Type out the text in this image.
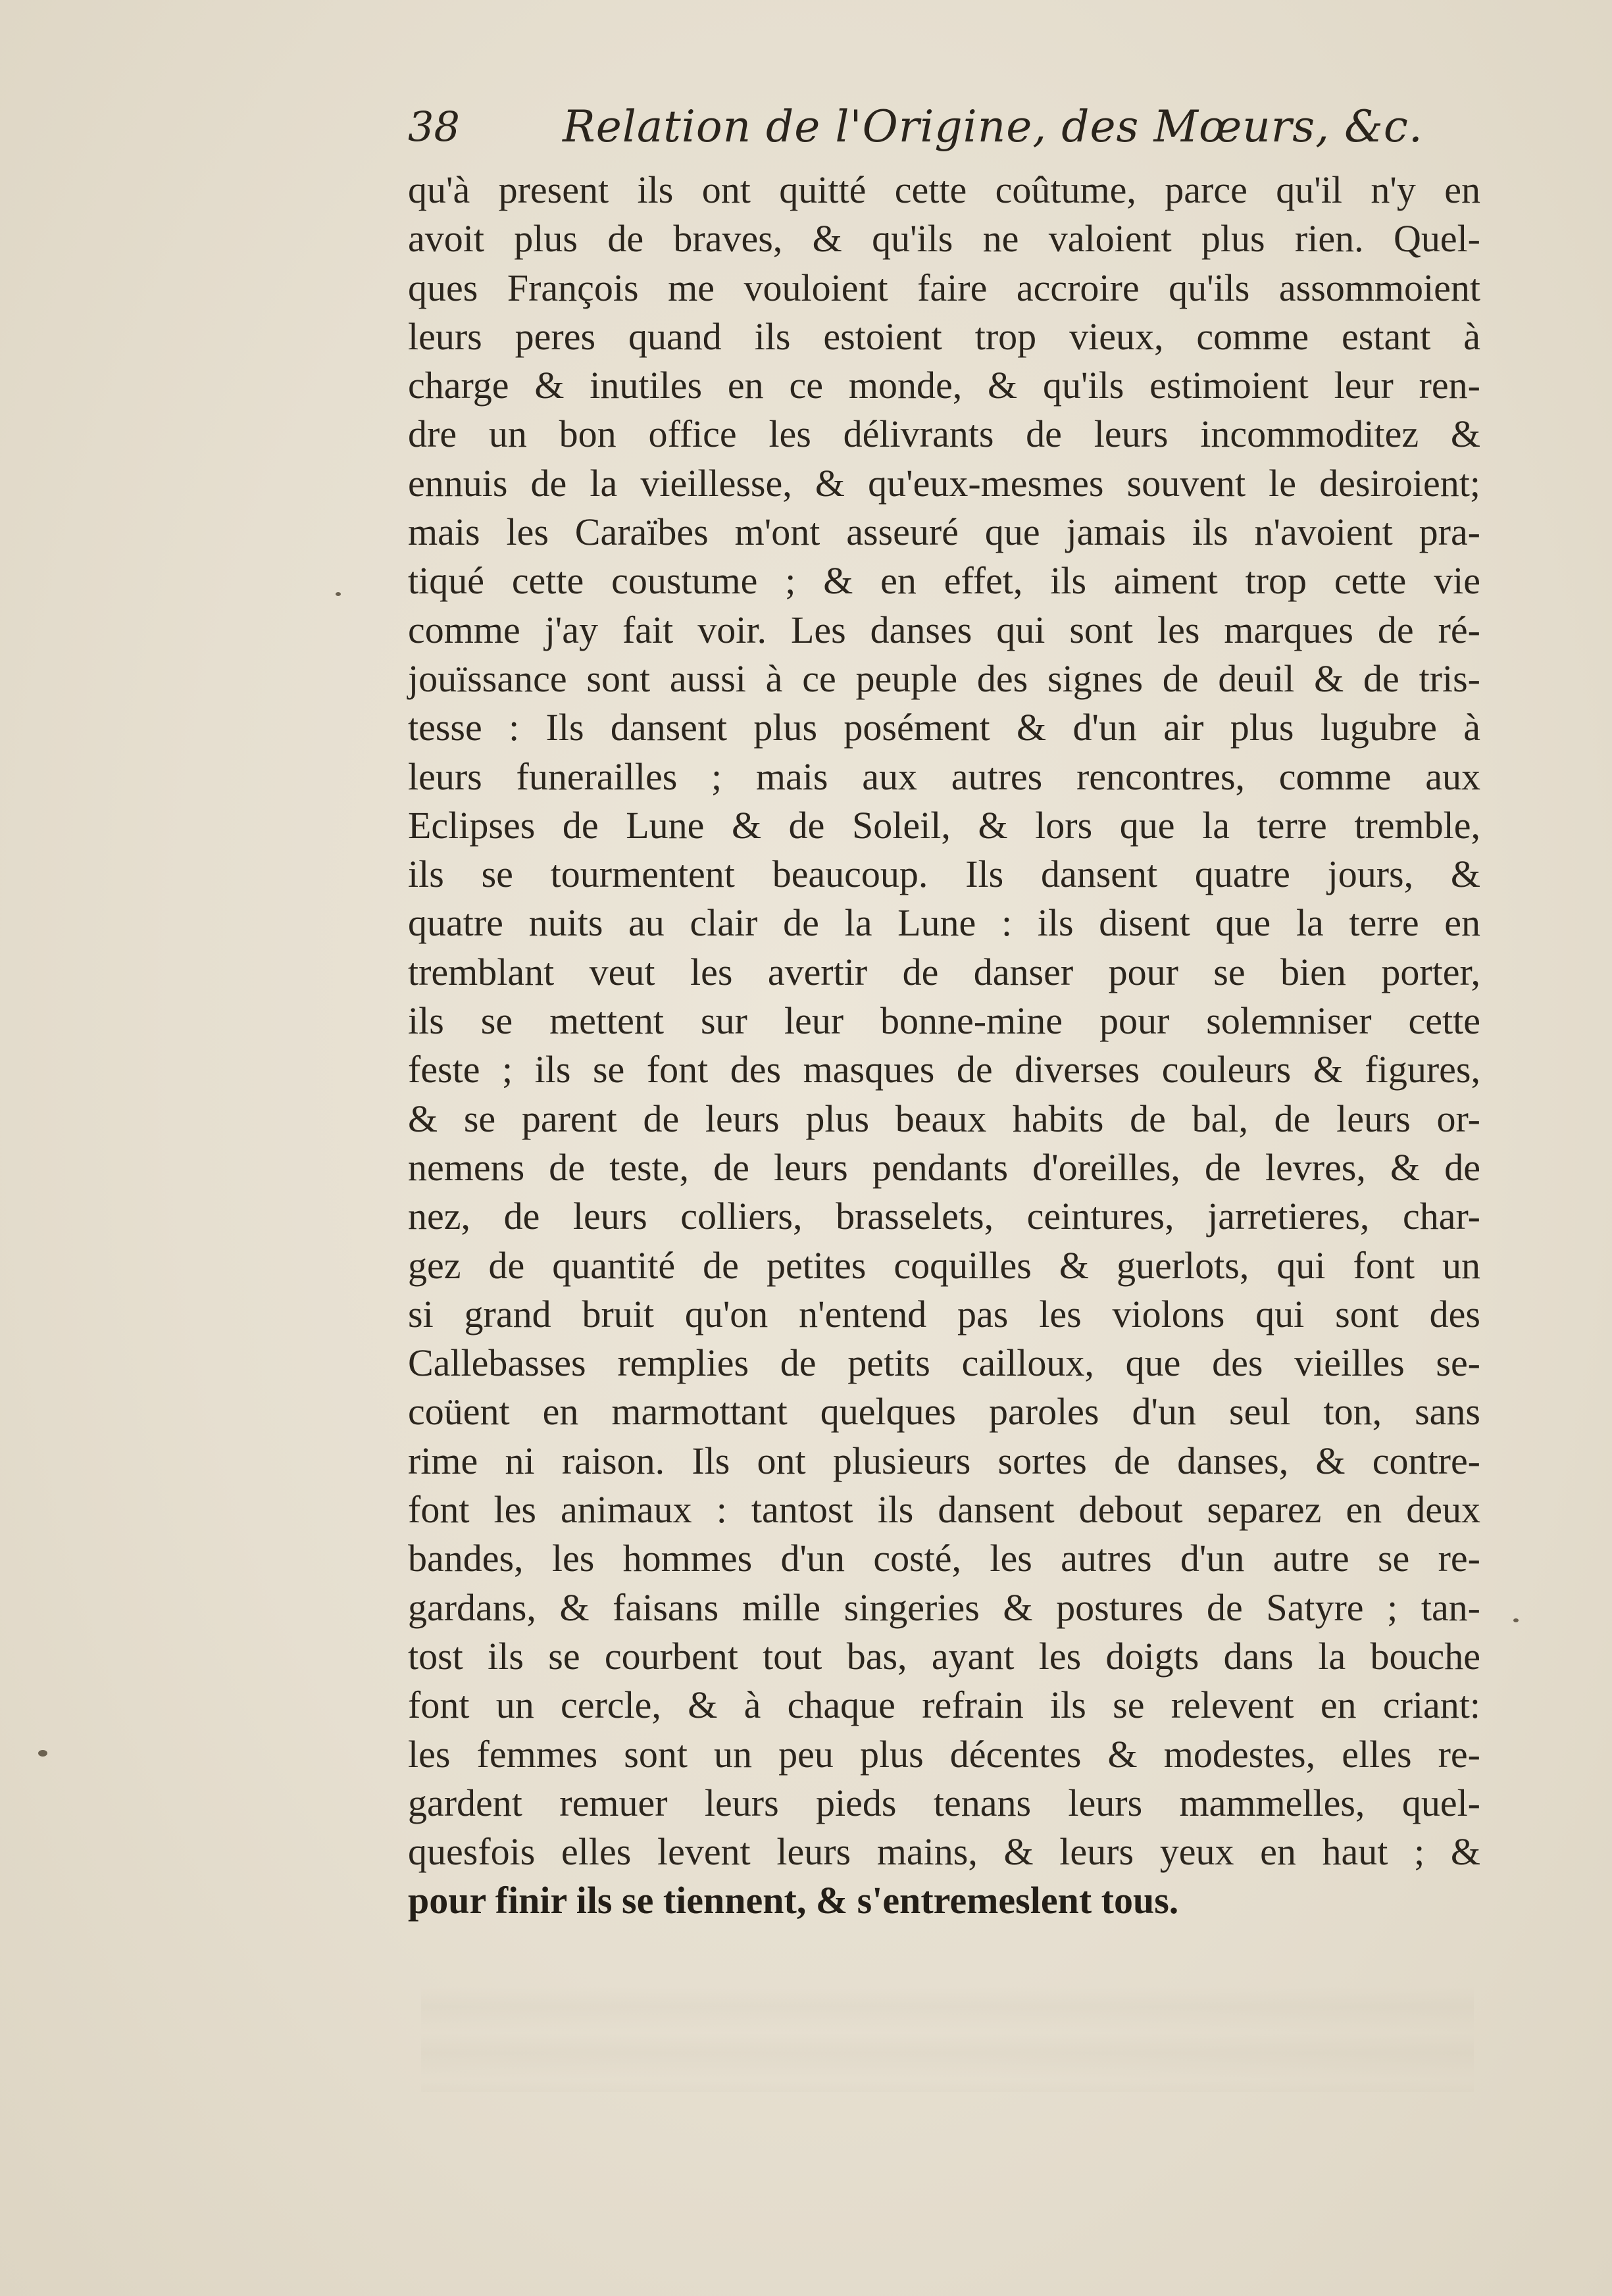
38 Relation de l'Origine, des Mœurs, &c.
qu'à present ils ont quitté cette coûtume, parce qu'il n'y en
avoit plus de braves, & qu'ils ne valoient plus rien. Quel-
ques François me vouloient faire accroire qu'ils assommoient
leurs peres quand ils estoient trop vieux, comme estant à
charge & inutiles en ce monde, & qu'ils estimoient leur ren-
dre un bon office les délivrants de leurs incommoditez &
ennuis de la vieillesse, & qu'eux-mesmes souvent le desiroient;
mais les Caraïbes m'ont asseuré que jamais ils n'avoient pra-
tiqué cette coustume ; & en effet, ils aiment trop cette vie
comme j'ay fait voir. Les danses qui sont les marques de ré-
jouïssance sont aussi à ce peuple des signes de deuil & de tris-
tesse : Ils dansent plus posément & d'un air plus lugubre à
leurs funerailles ; mais aux autres rencontres, comme aux
Eclipses de Lune & de Soleil, & lors que la terre tremble,
ils se tourmentent beaucoup. Ils dansent quatre jours, &
quatre nuits au clair de la Lune : ils disent que la terre en
tremblant veut les avertir de danser pour se bien porter,
ils se mettent sur leur bonne-mine pour solemniser cette
feste ; ils se font des masques de diverses couleurs & figures,
& se parent de leurs plus beaux habits de bal, de leurs or-
nemens de teste, de leurs pendants d'oreilles, de levres, & de
nez, de leurs colliers, brasselets, ceintures, jarretieres, char-
gez de quantité de petites coquilles & guerlots, qui font un
si grand bruit qu'on n'entend pas les violons qui sont des
Callebasses remplies de petits cailloux, que des vieilles se-
coüent en marmottant quelques paroles d'un seul ton, sans
rime ni raison. Ils ont plusieurs sortes de danses, & contre-
font les animaux : tantost ils dansent debout separez en deux
bandes, les hommes d'un costé, les autres d'un autre se re-
gardans, & faisans mille singeries & postures de Satyre ; tan-
tost ils se courbent tout bas, ayant les doigts dans la bouche
font un cercle, & à chaque refrain ils se relevent en criant:
les femmes sont un peu plus décentes & modestes, elles re-
gardent remuer leurs pieds tenans leurs mammelles, quel-
quesfois elles levent leurs mains, & leurs yeux en haut ; &
pour finir ils se tiennent, & s'entremeslent tous.
